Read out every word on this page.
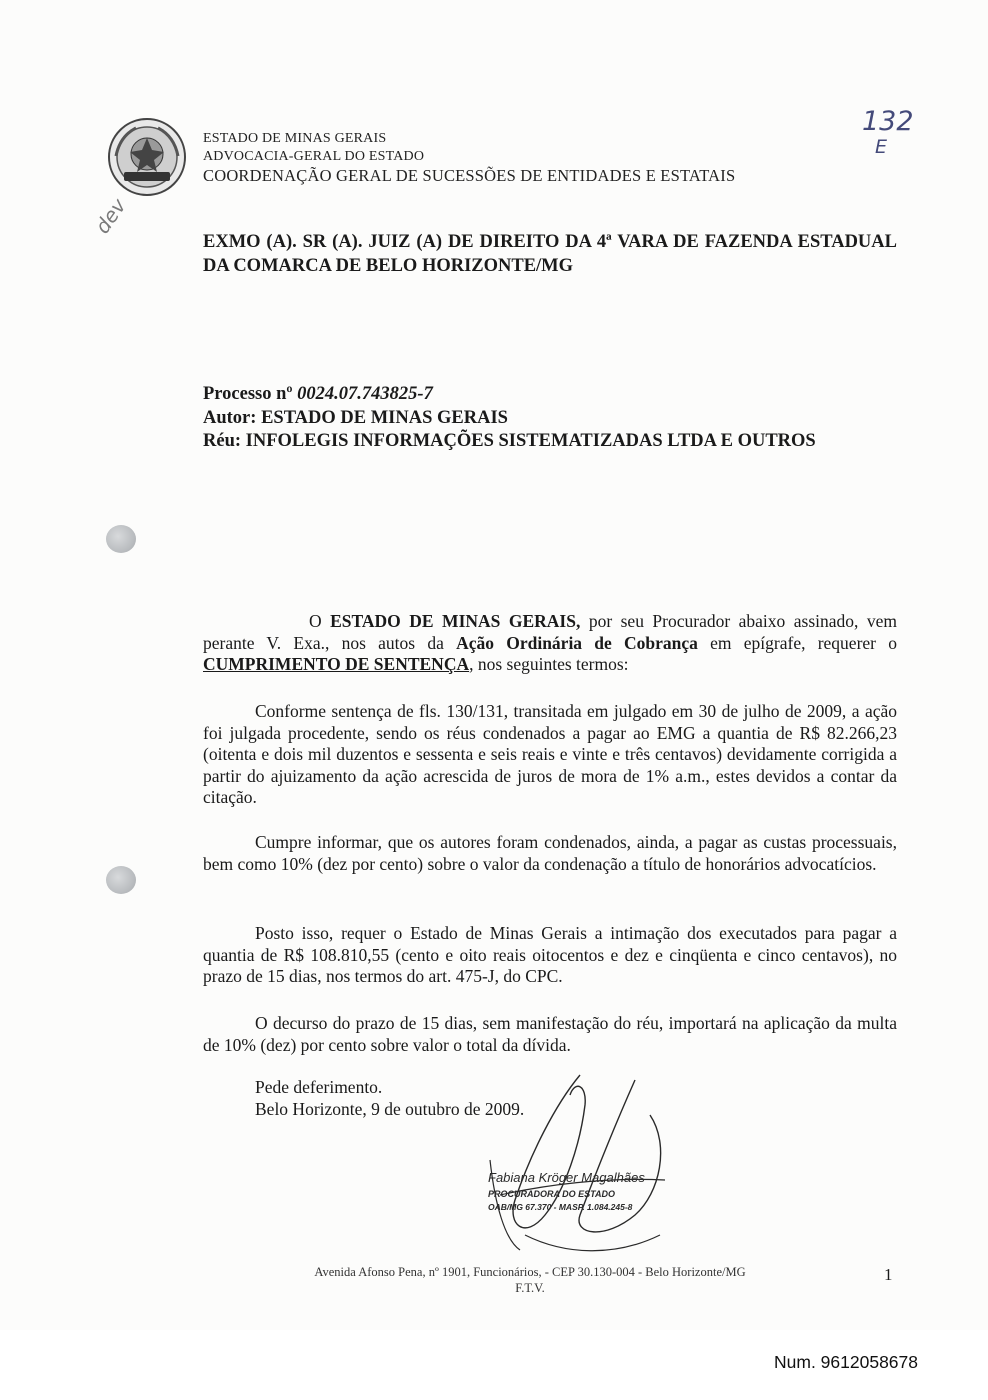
ESTADO DE MINAS GERAIS
ADVOCACIA-GERAL DO ESTADO
COORDENAÇÃO GERAL DE SUCESSÕES DE ENTIDADES E ESTATAIS
132
E
dev
EXMO (A). SR (A). JUIZ (A) DE DIREITO DA 4ª VARA DE FAZENDA ESTADUAL DA COMARCA DE BELO HORIZONTE/MG
Processo nº 0024.07.743825-7
Autor: ESTADO DE MINAS GERAIS
Réu: INFOLEGIS INFORMAÇÕES SISTEMATIZADAS LTDA E OUTROS

O ESTADO DE MINAS GERAIS, por seu Procurador abaixo assinado, vem perante V. Exa., nos autos da Ação Ordinária de Cobrança em epígrafe, requerer o CUMPRIMENTO DE SENTENÇA, nos seguintes termos:

Conforme sentença de fls. 130/131, transitada em julgado em 30 de julho de 2009, a ação foi julgada procedente, sendo os réus condenados a pagar ao EMG a quantia de R$ 82.266,23 (oitenta e dois mil duzentos e sessenta e seis reais e vinte e três centavos) devidamente corrigida a partir do ajuizamento da ação acrescida de juros de mora de 1% a.m., estes devidos a contar da citação.

Cumpre informar, que os autores foram condenados, ainda, a pagar as custas processuais, bem como 10% (dez por cento) sobre o valor da condenação a título de honorários advocatícios.

Posto isso, requer o Estado de Minas Gerais a intimação dos executados para pagar a quantia de R$ 108.810,55 (cento e oito reais oitocentos e dez e cinqüenta e cinco centavos), no prazo de 15 dias, nos termos do art. 475-J, do CPC.

O decurso do prazo de 15 dias, sem manifestação do réu, importará na aplicação da multa de 10% (dez) por cento sobre valor o total da dívida.

Pede deferimento.
Belo Horizonte, 9 de outubro de 2009.
Fabiana Kröger Magalhães
PROCURADORA DO ESTADO
OAB/MG 67.370 - MASP. 1.084.245-8
Avenida Afonso Pena, nº 1901, Funcionários, - CEP 30.130-004 - Belo Horizonte/MG
F.T.V.
1
Num. 9612058678
